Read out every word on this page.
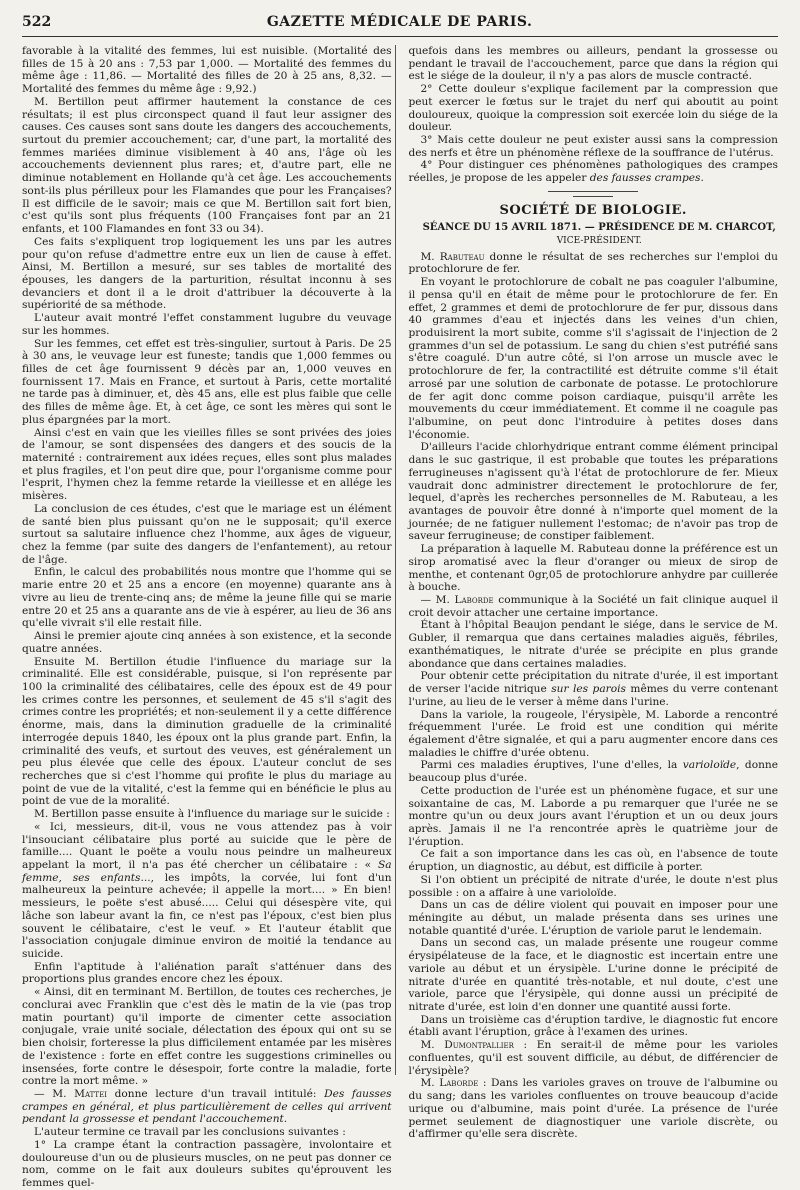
522	GAZETTE MÉDICALE DE PARIS.

favorable à la vitalité des femmes, lui est nuisible. (Mortalité des filles de 15 à 20 ans : 7,53 par 1,000. — Mortalité des femmes du même âge : 11,86. — Mortalité des filles de 20 à 25 ans, 8,32. — Mortalité des femmes du même âge : 9,92.)

M. Bertillon peut affirmer hautement la constance de ces résultats; il est plus circonspect quand il faut leur assigner des causes. Ces causes sont sans doute les dangers des accouchements, surtout du premier accouchement; car, d'une part, la mortalité des femmes mariées diminue visiblement à 40 ans, l'âge où les accouchements deviennent plus rares; et, d'autre part, elle ne diminue notablement en Hollande qu'à cet âge. Les accouchements sont-ils plus périlleux pour les Flamandes que pour les Françaises? Il est difficile de le savoir; mais ce que M. Bertillon sait fort bien, c'est qu'ils sont plus fréquents (100 Françaises font par an 21 enfants, et 100 Flamandes en font 33 ou 34).

Ces faits s'expliquent trop logiquement les uns par les autres pour qu'on refuse d'admettre entre eux un lien de cause à effet. Ainsi, M. Bertillon a mesuré, sur ses tables de mortalité des épouses, les dangers de la parturition, résultat inconnu à ses devanciers et dont il a le droit d'attribuer la découverte à la supériorité de sa méthode.

L'auteur avait montré l'effet constamment lugubre du veuvage sur les hommes.

Sur les femmes, cet effet est très-singulier, surtout à Paris. De 25 à 30 ans, le veuvage leur est funeste; tandis que 1,000 femmes ou filles de cet âge fournissent 9 décès par an, 1,000 veuves en fournissent 17. Mais en France, et surtout à Paris, cette mortalité ne tarde pas à diminuer, et, dès 45 ans, elle est plus faible que celle des filles de même âge. Et, à cet âge, ce sont les mères qui sont le plus épargnées par la mort.

Ainsi c'est en vain que les vieilles filles se sont privées des joies de l'amour, se sont dispensées des dangers et des soucis de la maternité : contrairement aux idées reçues, elles sont plus malades et plus fragiles, et l'on peut dire que, pour l'organisme comme pour l'esprit, l'hymen chez la femme retarde la vieillesse et en allége les misères.

La conclusion de ces études, c'est que le mariage est un élément de santé bien plus puissant qu'on ne le supposait; qu'il exerce surtout sa salutaire influence chez l'homme, aux âges de vigueur, chez la femme (par suite des dangers de l'enfantement), au retour de l'âge.

Enfin, le calcul des probabilités nous montre que l'homme qui se marie entre 20 et 25 ans a encore (en moyenne) quarante ans à vivre au lieu de trente-cinq ans; de même la jeune fille qui se marie entre 20 et 25 ans a quarante ans de vie à espérer, au lieu de 36 ans qu'elle vivrait s'il elle restait fille.

Ainsi le premier ajoute cinq années à son existence, et la seconde quatre années.

Ensuite M. Bertillon étudie l'influence du mariage sur la criminalité. Elle est considérable, puisque, si l'on représente par 100 la criminalité des célibataires, celle des époux est de 49 pour les crimes contre les personnes, et seulement de 45 s'il s'agit des crimes contre les propriétés; et non-seulement il y a cette différence énorme, mais, dans la diminution graduelle de la criminalité interrogée depuis 1840, les époux ont la plus grande part. Enfin, la criminalité des veufs, et surtout des veuves, est généralement un peu plus élevée que celle des époux. L'auteur conclut de ses recherches que si c'est l'homme qui profite le plus du mariage au point de vue de la vitalité, c'est la femme qui en bénéficie le plus au point de vue de la moralité.

M. Bertillon passe ensuite à l'influence du mariage sur le suicide :

« Ici, messieurs, dit-il, vous ne vous attendez pas à voir l'insouciant célibataire plus porté au suicide que le père de famille.... Quant le poëte a voulu nous peindre un malheureux appelant la mort, il n'a pas été chercher un célibataire : « Sa femme, ses enfants..., les impôts, la corvée, lui font d'un malheureux la peinture achevée; il appelle la mort.... » En bien! messieurs, le poëte s'est abusé..... Celui qui désespère vite, qui lâche son labeur avant la fin, ce n'est pas l'époux, c'est bien plus souvent le célibataire, c'est le veuf. » Et l'auteur établit que l'association conjugale diminue environ de moitié la tendance au suicide.

Enfin l'aptitude à l'aliénation paraît s'atténuer dans des proportions plus grandes encore chez les époux.

« Ainsi, dit en terminant M. Bertillon, de toutes ces recherches, je conclurai avec Franklin que c'est dès le matin de la vie (pas trop matin pourtant) qu'il importe de cimenter cette association conjugale, vraie unité sociale, délectation des époux qui ont su se bien choisir, forteresse la plus difficilement entamée par les misères de l'existence : forte en effet contre les suggestions criminelles ou insensées, forte contre le désespoir, forte contre la maladie, forte contre la mort même. »

— M. Mattei donne lecture d'un travail intitulé: Des fausses crampes en général, et plus particulièrement de celles qui arrivent pendant la grossesse et pendant l'accouchement.

L'auteur termine ce travail par les conclusions suivantes :

1° La crampe étant la contraction passagère, involontaire et douloureuse d'un ou de plusieurs muscles, on ne peut pas donner ce nom, comme on le fait aux douleurs subites qu'éprouvent les femmes quel-

quefois dans les membres ou ailleurs, pendant la grossesse ou pendant le travail de l'accouchement, parce que dans la région qui est le siége de la douleur, il n'y a pas alors de muscle contracté.

2° Cette douleur s'explique facilement par la compression que peut exercer le fœtus sur le trajet du nerf qui aboutit au point douloureux, quoique la compression soit exercée loin du siége de la douleur.

3° Mais cette douleur ne peut exister aussi sans la compression des nerfs et être un phénomène réflexe de la souffrance de l'utérus.

4° Pour distinguer ces phénomènes pathologiques des crampes réelles, je propose de les appeler des fausses crampes.

SOCIÉTÉ DE BIOLOGIE.

SÉANCE DU 15 AVRIL 1871. — PRÉSIDENCE DE M. CHARCOT,

VICE-PRÉSIDENT.

M. Rabuteau donne le résultat de ses recherches sur l'emploi du protochlorure de fer.

En voyant le protochlorure de cobalt ne pas coaguler l'albumine, il pensa qu'il en était de même pour le protochlorure de fer. En effet, 2 grammes et demi de protochlorure de fer pur, dissous dans 40 grammes d'eau et injectés dans les veines d'un chien, produisirent la mort subite, comme s'il s'agissait de l'injection de 2 grammes d'un sel de potassium. Le sang du chien s'est putréfié sans s'être coagulé. D'un autre côté, si l'on arrose un muscle avec le protochlorure de fer, la contractilité est détruite comme s'il était arrosé par une solution de carbonate de potasse. Le protochlorure de fer agit donc comme poison cardiaque, puisqu'il arrête les mouvements du cœur immédiatement. Et comme il ne coagule pas l'albumine, on peut donc l'introduire à petites doses dans l'économie.

D'ailleurs l'acide chlorhydrique entrant comme élément principal dans le suc gastrique, il est probable que toutes les préparations ferrugineuses n'agissent qu'à l'état de protochlorure de fer. Mieux vaudrait donc administrer directement le protochlorure de fer, lequel, d'après les recherches personnelles de M. Rabuteau, a les avantages de pouvoir être donné à n'importe quel moment de la journée; de ne fatiguer nullement l'estomac; de n'avoir pas trop de saveur ferrugineuse; de constiper faiblement.

La préparation à laquelle M. Rabuteau donne la préférence est un sirop aromatisé avec la fleur d'oranger ou mieux de sirop de menthe, et contenant 0gr,05 de protochlorure anhydre par cuillerée à bouche.

— M. Laborde communique à la Société un fait clinique auquel il croit devoir attacher une certaine importance.

Étant à l'hôpital Beaujon pendant le siége, dans le service de M. Gubler, il remarqua que dans certaines maladies aiguës, fébriles, exanthématiques, le nitrate d'urée se précipite en plus grande abondance que dans certaines maladies.

Pour obtenir cette précipitation du nitrate d'urée, il est important de verser l'acide nitrique sur les parois mêmes du verre contenant l'urine, au lieu de le verser à même dans l'urine.

Dans la variole, la rougeole, l'érysipèle, M. Laborde a rencontré fréquemment l'urée. Le froid est une condition qui mérite également d'être signalée, et qui a paru augmenter encore dans ces maladies le chiffre d'urée obtenu.

Parmi ces maladies éruptives, l'une d'elles, la varioloïde, donne beaucoup plus d'urée.

Cette production de l'urée est un phénomène fugace, et sur une soixantaine de cas, M. Laborde a pu remarquer que l'urée ne se montre qu'un ou deux jours avant l'éruption et un ou deux jours après. Jamais il ne l'a rencontrée après le quatrième jour de l'éruption.

Ce fait a son importance dans les cas où, en l'absence de toute éruption, un diagnostic, au début, est difficile à porter.

Si l'on obtient un précipité de nitrate d'urée, le doute n'est plus possible : on a affaire à une varioloïde.

Dans un cas de délire violent qui pouvait en imposer pour une méningite au début, un malade présenta dans ses urines une notable quantité d'urée. L'éruption de variole parut le lendemain.

Dans un second cas, un malade présente une rougeur comme érysipélateuse de la face, et le diagnostic est incertain entre une variole au début et un érysipèle. L'urine donne le précipité de nitrate d'urée en quantité très-notable, et nul doute, c'est une variole, parce que l'érysipèle, qui donne aussi un précipité de nitrate d'urée, est loin d'en donner une quantité aussi forte.

Dans un troisième cas d'éruption tardive, le diagnostic fut encore établi avant l'éruption, grâce à l'examen des urines.

M. Dumontpallier : En serait-il de même pour les varioles confluentes, qu'il est souvent difficile, au début, de différencier de l'érysipèle?

M. Laborde : Dans les varioles graves on trouve de l'albumine ou du sang; dans les varioles confluentes on trouve beaucoup d'acide urique ou d'albumine, mais point d'urée. La présence de l'urée permet seulement de diagnostiquer une variole discrète, ou d'affirmer qu'elle sera discrète.
